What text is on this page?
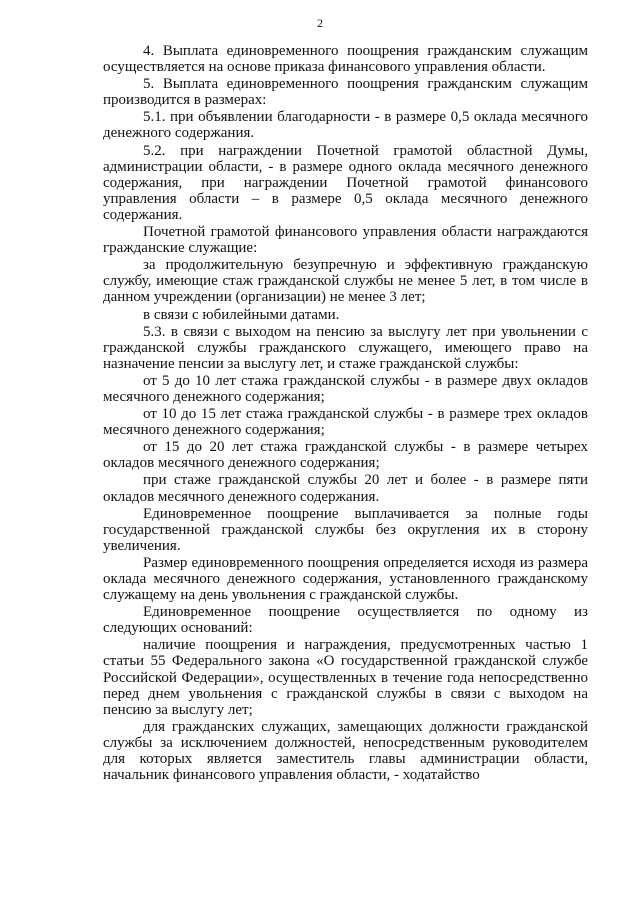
2

4. Выплата единовременного поощрения гражданским служащим осуществляется на основе приказа финансового управления области.

5. Выплата единовременного поощрения гражданским служащим производится в размерах:

5.1. при объявлении благодарности - в размере 0,5 оклада месячного денежного содержания.

5.2. при награждении Почетной грамотой областной Думы, администрации области, - в размере одного оклада месячного денежного содержания, при награждении Почетной грамотой финансового управления области – в размере 0,5 оклада месячного денежного содержания.

Почетной грамотой финансового управления области награждаются гражданские служащие:

за продолжительную безупречную и эффективную гражданскую службу, имеющие стаж гражданской службы не менее 5 лет, в том числе в данном учреждении (организации) не менее 3 лет;

в связи с юбилейными датами.

5.3. в связи с выходом на пенсию за выслугу лет при увольнении с гражданской службы гражданского служащего, имеющего право на назначение пенсии за выслугу лет, и стаже гражданской службы:

от 5 до 10 лет стажа гражданской службы - в размере двух окладов месячного денежного содержания;

от 10 до 15 лет стажа гражданской службы - в размере трех окладов месячного денежного содержания;

от 15 до 20 лет стажа гражданской службы - в размере четырех окладов месячного денежного содержания;

при стаже гражданской службы 20 лет и более - в размере пяти окладов месячного денежного содержания.

Единовременное поощрение выплачивается за полные годы государственной гражданской службы без округления их в сторону увеличения.

Размер единовременного поощрения определяется исходя из размера оклада месячного денежного содержания, установленного гражданскому служащему на день увольнения с гражданской службы.

Единовременное поощрение осуществляется по одному из следующих оснований:

наличие поощрения и награждения, предусмотренных частью 1 статьи 55 Федерального закона «О государственной гражданской службе Российской Федерации», осуществленных в течение года непосредственно перед днем увольнения с гражданской службы в связи с выходом на пенсию за выслугу лет;

для гражданских служащих, замещающих должности гражданской службы за исключением должностей, непосредственным руководителем для которых является заместитель главы администрации области, начальник финансового управления области, - ходатайство
